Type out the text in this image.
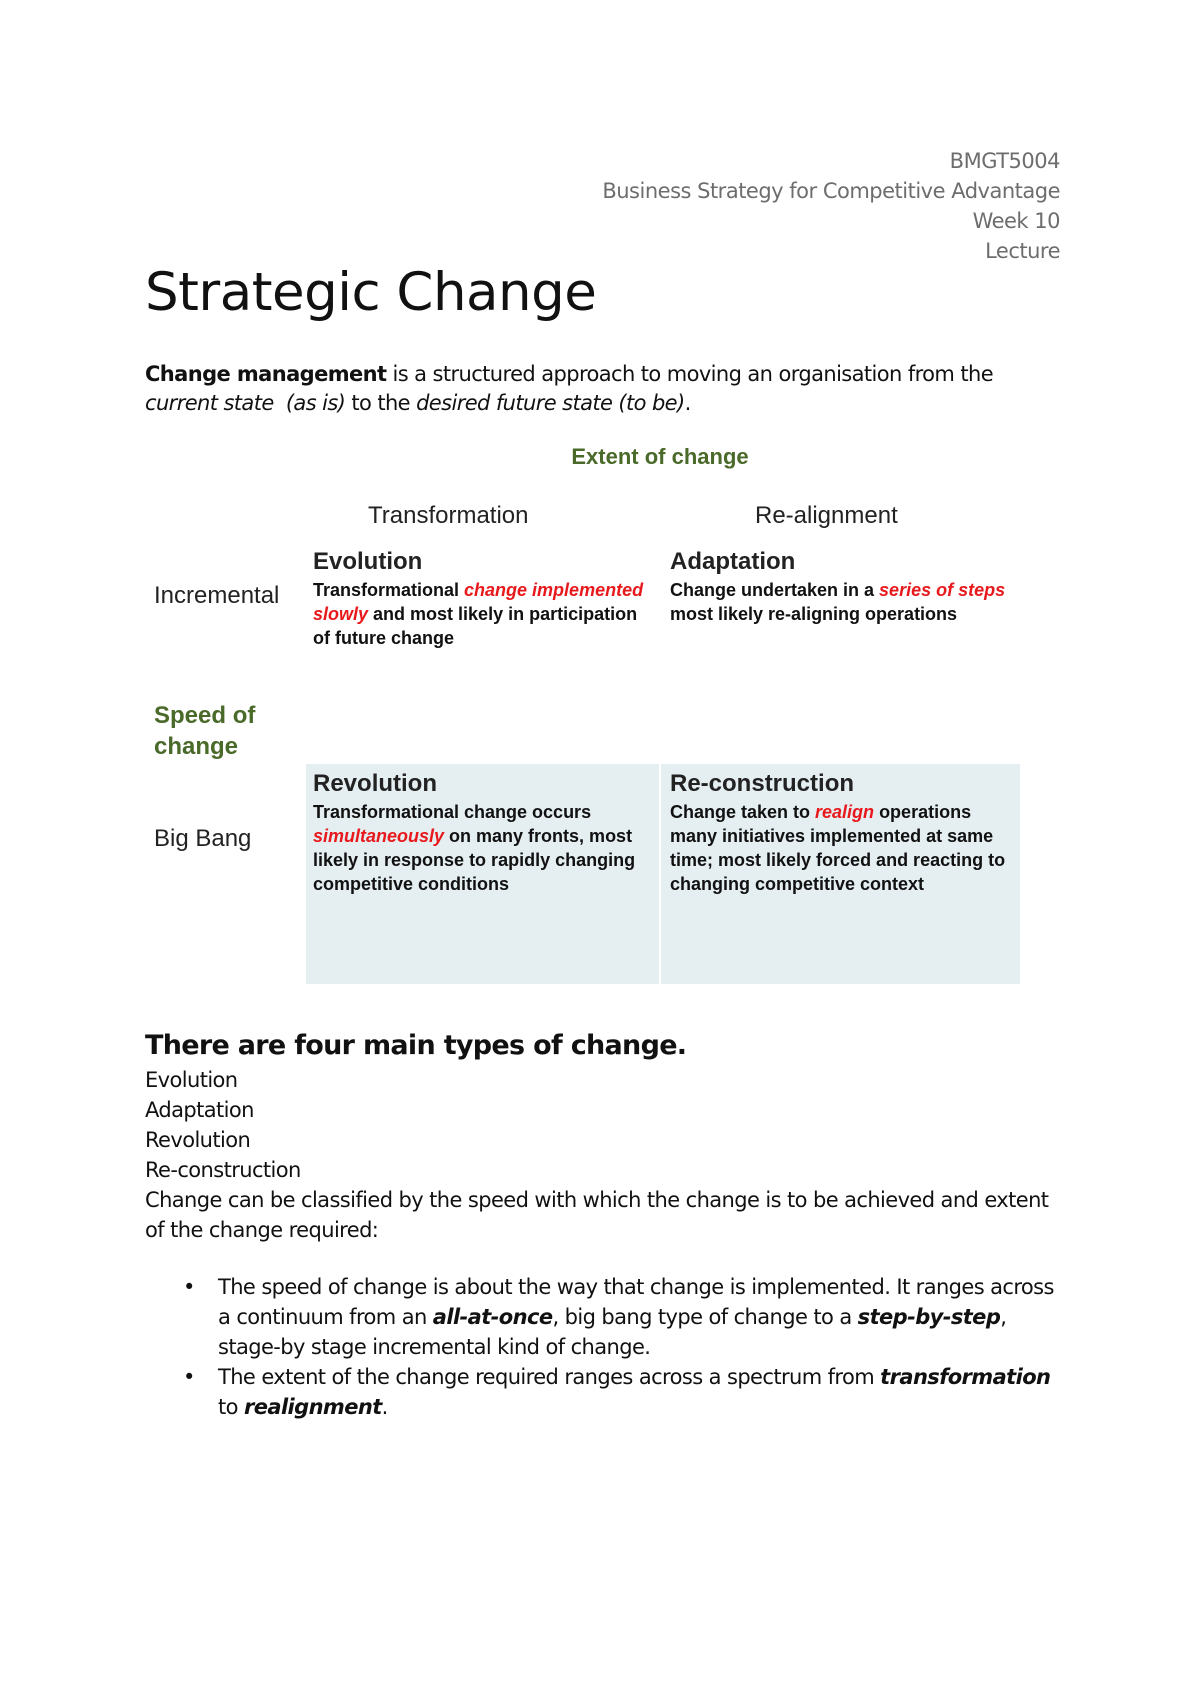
BMGT5004
Business Strategy for Competitive Advantage
Week 10
Lecture
Strategic Change

Change management is a structured approach to moving an organisation from the current state (as is) to the desired future state (to be).

Extent of change
Transformation	Re-alignment
Incremental
Speed of change
Big Bang
Evolution
Transformational change implemented slowly and most likely in participation of future change
Adaptation
Change undertaken in a series of steps most likely re-aligning operations
Revolution
Transformational change occurs simultaneously on many fronts, most likely in response to rapidly changing competitive conditions
Re-construction
Change taken to realign operations many initiatives implemented at same time; most likely forced and reacting to changing competitive context
There are four main types of change.
Evolution
Adaptation
Revolution
Re-construction

Change can be classified by the speed with which the change is to be achieved and extent of the change required:

• The speed of change is about the way that change is implemented. It ranges across a continuum from an all-at-once, big bang type of change to a step-by-step, stage-by stage incremental kind of change.
• The extent of the change required ranges across a spectrum from transformation to realignment.
